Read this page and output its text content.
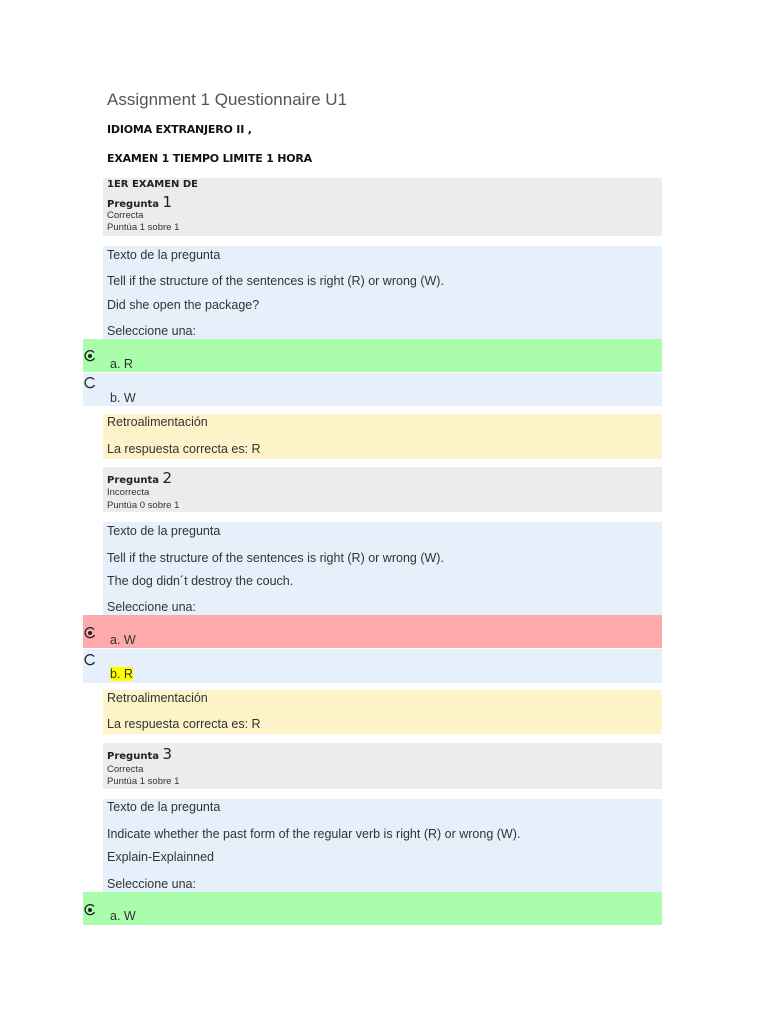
Assignment 1 Questionnaire U1
IDIOMA EXTRANJERO II ,
EXAMEN 1 TIEMPO LIMITE 1 HORA
1ER EXAMEN DE
Pregunta 1
Correcta
Puntúa 1 sobre 1
Texto de la pregunta
Tell if the structure of the sentences is right (R) or wrong (W).
Did she open the package?
Seleccione una:
a. R
b. W
Retroalimentación
La respuesta correcta es: R
Pregunta 2
Incorrecta
Puntúa 0 sobre 1
Texto de la pregunta
Tell if the structure of the sentences is right (R) or wrong (W).
The dog didn´t destroy the couch.
Seleccione una:
a. W
b. R
Retroalimentación
La respuesta correcta es: R
Pregunta 3
Correcta
Puntúa 1 sobre 1
Texto de la pregunta
Indicate whether the past form of the regular verb is right (R) or wrong (W).
Explain-Explainned
Seleccione una:
a. W
